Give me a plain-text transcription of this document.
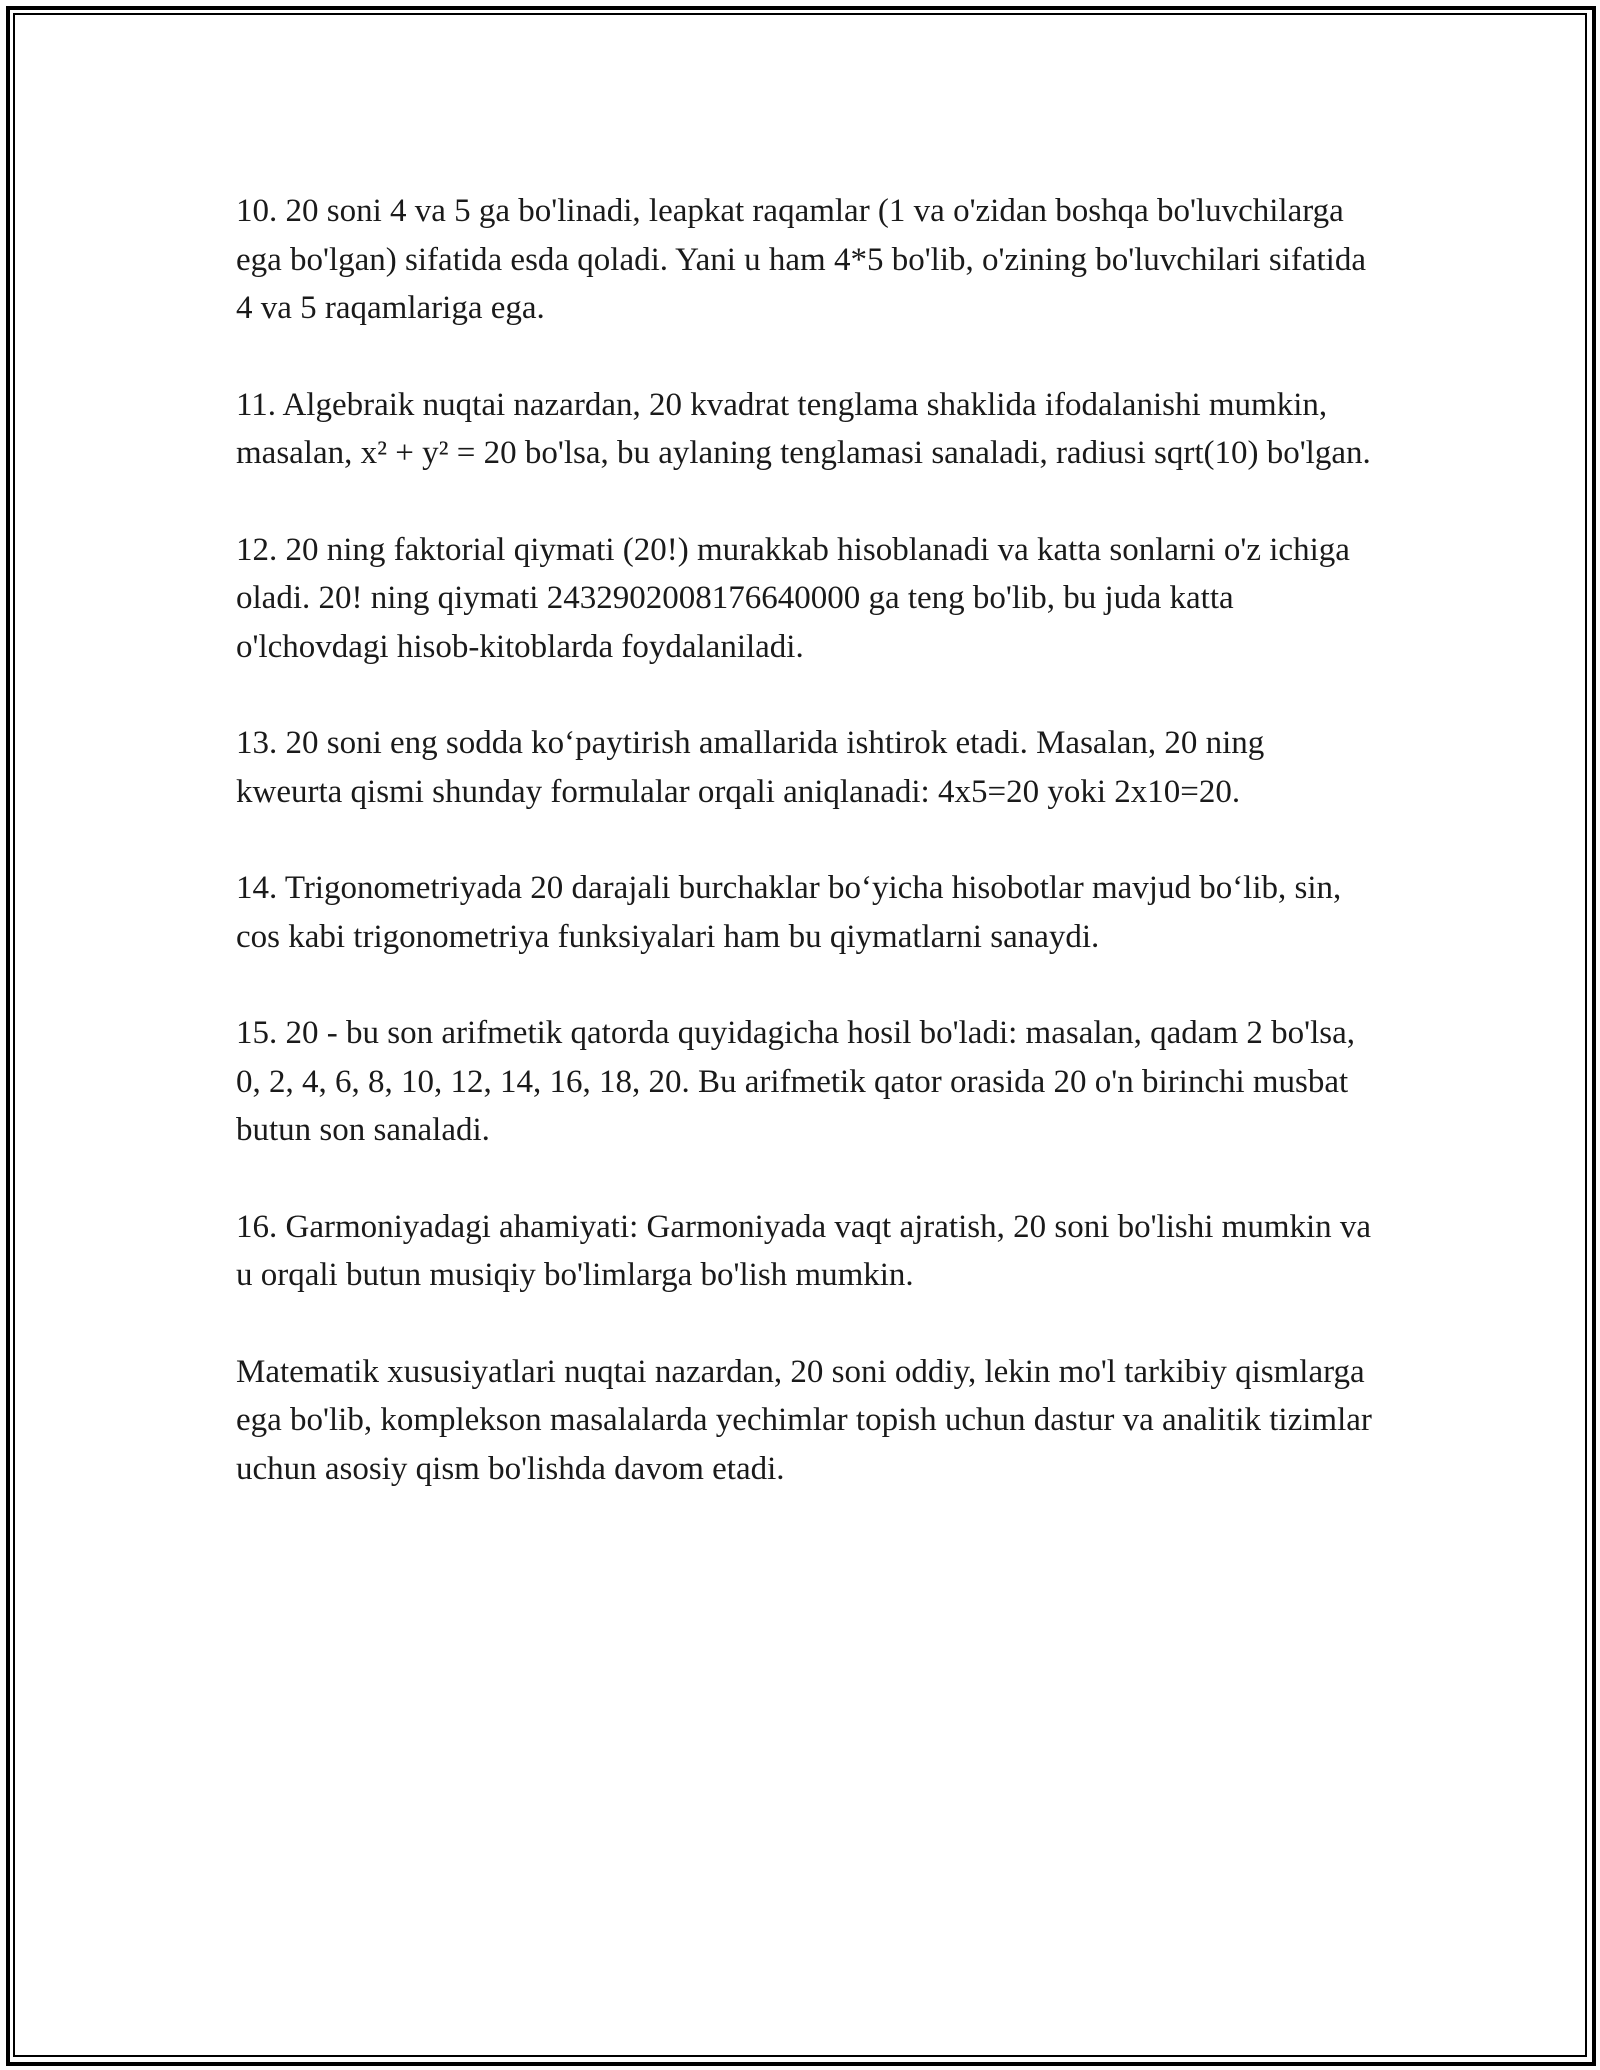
10. 20 soni 4 va 5 ga bo'linadi, leapkat raqamlar (1 va o'zidan boshqa bo'luvchilarga ega bo'lgan) sifatida esda qoladi. Yani u ham 4*5 bo'lib, o'zining bo'luvchilari sifatida 4 va 5 raqamlariga ega.

11. Algebraik nuqtai nazardan, 20 kvadrat tenglama shaklida ifodalanishi mumkin, masalan, x² + y² = 20 bo'lsa, bu aylaning tenglamasi sanaladi, radiusi sqrt(10) bo'lgan.

12. 20 ning faktorial qiymati (20!) murakkab hisoblanadi va katta sonlarni o'z ichiga oladi. 20! ning qiymati 2432902008176640000 ga teng bo'lib, bu juda katta o'lchovdagi hisob-kitoblarda foydalaniladi.

13. 20 soni eng sodda ko‘paytirish amallarida ishtirok etadi. Masalan, 20 ning kweurta qismi shunday formulalar orqali aniqlanadi: 4x5=20 yoki 2x10=20.

14. Trigonometriyada 20 darajali burchaklar bo‘yicha hisobotlar mavjud bo‘lib, sin, cos kabi trigonometriya funksiyalari ham bu qiymatlarni sanaydi.

15. 20 - bu son arifmetik qatorda quyidagicha hosil bo'ladi: masalan, qadam 2 bo'lsa, 0, 2, 4, 6, 8, 10, 12, 14, 16, 18, 20. Bu arifmetik qator orasida 20 o'n birinchi musbat butun son sanaladi.

16. Garmoniyadagi ahamiyati: Garmoniyada vaqt ajratish, 20 soni bo'lishi mumkin va u orqali butun musiqiy bo'limlarga bo'lish mumkin.

Matematik xususiyatlari nuqtai nazardan, 20 soni oddiy, lekin mo'l tarkibiy qismlarga ega bo'lib, komplekson masalalarda yechimlar topish uchun dastur va analitik tizimlar uchun asosiy qism bo'lishda davom etadi.
